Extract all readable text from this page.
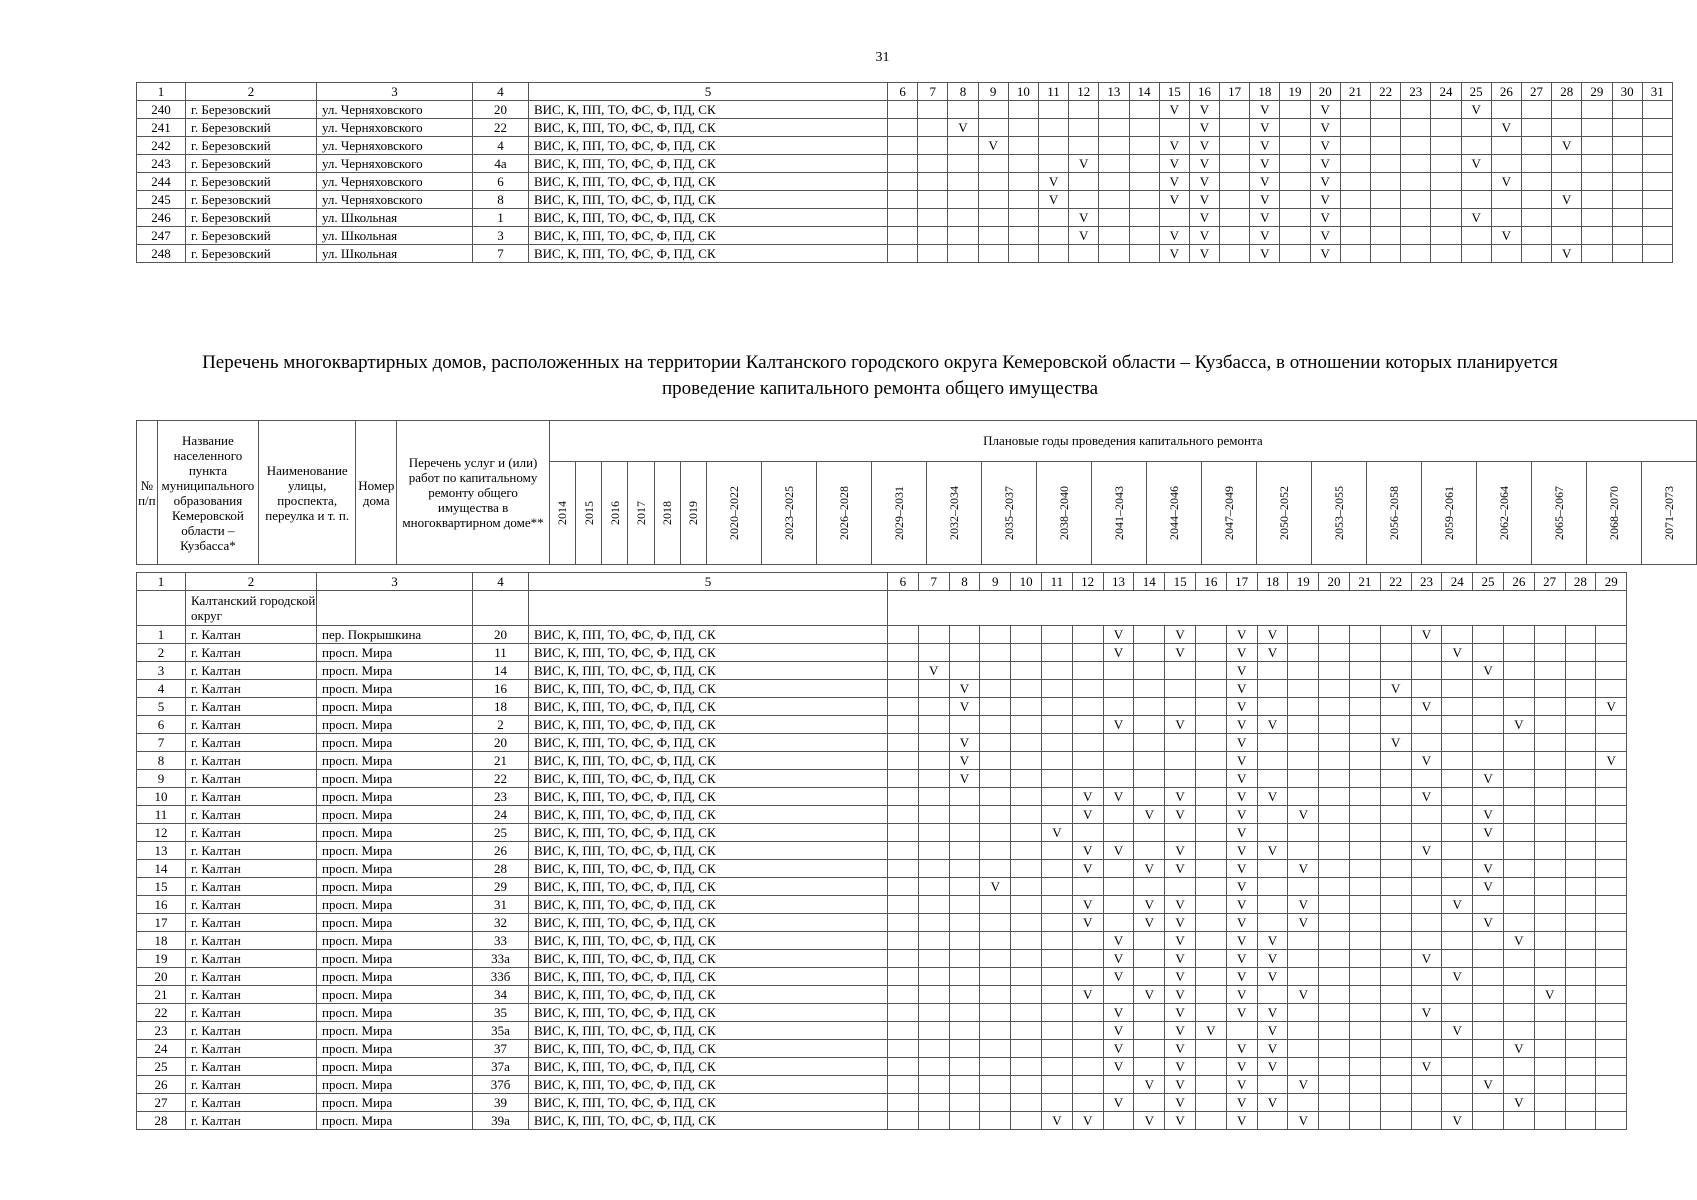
31
1	2	3	4	5	6	7	8	9	10	11	12	13	14	15	16	17	18	19	20	21	22	23	24	25	26	27	28	29	30	31
240	г. Березовский	ул. Черняховского	20	ВИС, К, ПП, ТО, ФС, Ф, ПД, СК										V	V		V		V					V						
241	г. Березовский	ул. Черняховского	22	ВИС, К, ПП, ТО, ФС, Ф, ПД, СК			V								V		V		V						V					
242	г. Березовский	ул. Черняховского	4	ВИС, К, ПП, ТО, ФС, Ф, ПД, СК				V						V	V		V		V								V			
243	г. Березовский	ул. Черняховского	4а	ВИС, К, ПП, ТО, ФС, Ф, ПД, СК							V			V	V		V		V					V						
244	г. Березовский	ул. Черняховского	6	ВИС, К, ПП, ТО, ФС, Ф, ПД, СК						V				V	V		V		V						V					
245	г. Березовский	ул. Черняховского	8	ВИС, К, ПП, ТО, ФС, Ф, ПД, СК						V				V	V		V		V								V			
246	г. Березовский	ул. Школьная	1	ВИС, К, ПП, ТО, ФС, Ф, ПД, СК							V				V		V		V					V						
247	г. Березовский	ул. Школьная	3	ВИС, К, ПП, ТО, ФС, Ф, ПД, СК							V			V	V		V		V						V					
248	г. Березовский	ул. Школьная	7	ВИС, К, ПП, ТО, ФС, Ф, ПД, СК										V	V		V		V								V			
Перечень многоквартирных домов, расположенных на территории Калтанского городского округа Кемеровской области – Кузбасса, в отношении которых планируется
проведение капитального ремонта общего имущества
№ п/п	Название населенного пункта муниципального образования Кемеровской области – Кузбасса*	Наименование улицы, проспекта, переулка и т. п.	Номер дома	Перечень услуг и (или) работ по капитальному ремонту общего имущества в многоквартирном доме**	Плановые годы проведения капитального ремонта																							
					2014	2015	2016	2017	2018	2019	2020–2022	2023–2025	2026–2028	2029–2031	2032–2034	2035–2037	2038–2040	2041–2043	2044–2046	2047–2049	2050–2052	2053–2055	2056–2058	2059–2061	2062–2064	2065–2067	2068–2070	2071–2073
1	2	3	4	5	6	7	8	9	10	11	12	13	14	15	16	17	18	19	20	21	22	23	24	25	26	27	28	29
	Калтанский городской округ																											
1	г. Калтан	пер. Покрышкина	20	ВИС, К, ПП, ТО, ФС, Ф, ПД, СК								V		V		V	V					V						
2	г. Калтан	просп. Мира	11	ВИС, К, ПП, ТО, ФС, Ф, ПД, СК								V		V		V	V						V					
3	г. Калтан	просп. Мира	14	ВИС, К, ПП, ТО, ФС, Ф, ПД, СК		V										V								V				
4	г. Калтан	просп. Мира	16	ВИС, К, ПП, ТО, ФС, Ф, ПД, СК			V									V					V							
5	г. Калтан	просп. Мира	18	ВИС, К, ПП, ТО, ФС, Ф, ПД, СК			V									V						V						V
6	г. Калтан	просп. Мира	2	ВИС, К, ПП, ТО, ФС, Ф, ПД, СК								V		V		V	V								V			
7	г. Калтан	просп. Мира	20	ВИС, К, ПП, ТО, ФС, Ф, ПД, СК			V									V					V							
8	г. Калтан	просп. Мира	21	ВИС, К, ПП, ТО, ФС, Ф, ПД, СК			V									V						V						V
9	г. Калтан	просп. Мира	22	ВИС, К, ПП, ТО, ФС, Ф, ПД, СК			V									V								V				
10	г. Калтан	просп. Мира	23	ВИС, К, ПП, ТО, ФС, Ф, ПД, СК							V	V		V		V	V					V						
11	г. Калтан	просп. Мира	24	ВИС, К, ПП, ТО, ФС, Ф, ПД, СК							V		V	V		V		V						V				
12	г. Калтан	просп. Мира	25	ВИС, К, ПП, ТО, ФС, Ф, ПД, СК						V						V								V				
13	г. Калтан	просп. Мира	26	ВИС, К, ПП, ТО, ФС, Ф, ПД, СК							V	V		V		V	V					V						
14	г. Калтан	просп. Мира	28	ВИС, К, ПП, ТО, ФС, Ф, ПД, СК							V		V	V		V		V						V				
15	г. Калтан	просп. Мира	29	ВИС, К, ПП, ТО, ФС, Ф, ПД, СК				V								V								V				
16	г. Калтан	просп. Мира	31	ВИС, К, ПП, ТО, ФС, Ф, ПД, СК							V		V	V		V		V					V					
17	г. Калтан	просп. Мира	32	ВИС, К, ПП, ТО, ФС, Ф, ПД, СК							V		V	V		V		V						V				
18	г. Калтан	просп. Мира	33	ВИС, К, ПП, ТО, ФС, Ф, ПД, СК								V		V		V	V								V			
19	г. Калтан	просп. Мира	33а	ВИС, К, ПП, ТО, ФС, Ф, ПД, СК								V		V		V	V					V						
20	г. Калтан	просп. Мира	33б	ВИС, К, ПП, ТО, ФС, Ф, ПД, СК								V		V		V	V						V					
21	г. Калтан	просп. Мира	34	ВИС, К, ПП, ТО, ФС, Ф, ПД, СК							V		V	V		V		V								V		
22	г. Калтан	просп. Мира	35	ВИС, К, ПП, ТО, ФС, Ф, ПД, СК								V		V		V	V					V						
23	г. Калтан	просп. Мира	35а	ВИС, К, ПП, ТО, ФС, Ф, ПД, СК								V		V	V		V						V					
24	г. Калтан	просп. Мира	37	ВИС, К, ПП, ТО, ФС, Ф, ПД, СК								V		V		V	V								V			
25	г. Калтан	просп. Мира	37а	ВИС, К, ПП, ТО, ФС, Ф, ПД, СК								V		V		V	V					V						
26	г. Калтан	просп. Мира	37б	ВИС, К, ПП, ТО, ФС, Ф, ПД, СК									V	V		V		V						V				
27	г. Калтан	просп. Мира	39	ВИС, К, ПП, ТО, ФС, Ф, ПД, СК								V		V		V	V								V			
28	г. Калтан	просп. Мира	39а	ВИС, К, ПП, ТО, ФС, Ф, ПД, СК						V	V		V	V		V		V					V					
